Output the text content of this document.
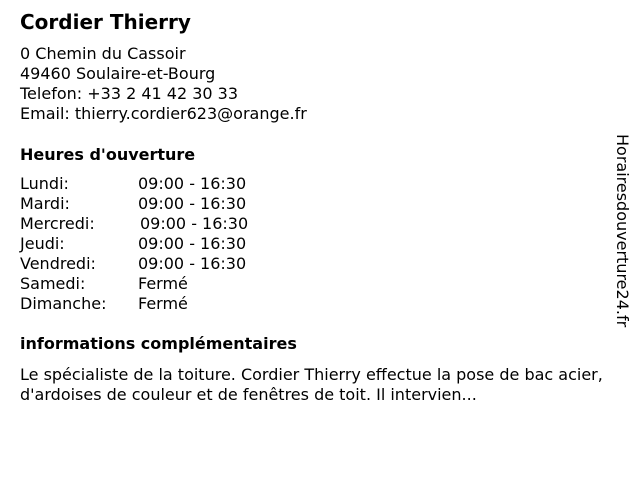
Cordier Thierry
0 Chemin du Cassoir
49460 Soulaire-et-Bourg
Telefon: +33 2 41 42 30 33
Email: thierry.cordier623@orange.fr
Heures d'ouverture
Lundi:	09:00 - 16:30
Mardi:	09:00 - 16:30
Mercredi:	09:00 - 16:30
Jeudi:	09:00 - 16:30
Vendredi:	09:00 - 16:30
Samedi:	Fermé
Dimanche: Fermé
informations complémentaires
Le spécialiste de la toiture. Cordier Thierry effectue la pose de bac acier, d'ardoises de couleur et de fenêtres de toit. Il intervien...
Horairesdouverture24.fr
